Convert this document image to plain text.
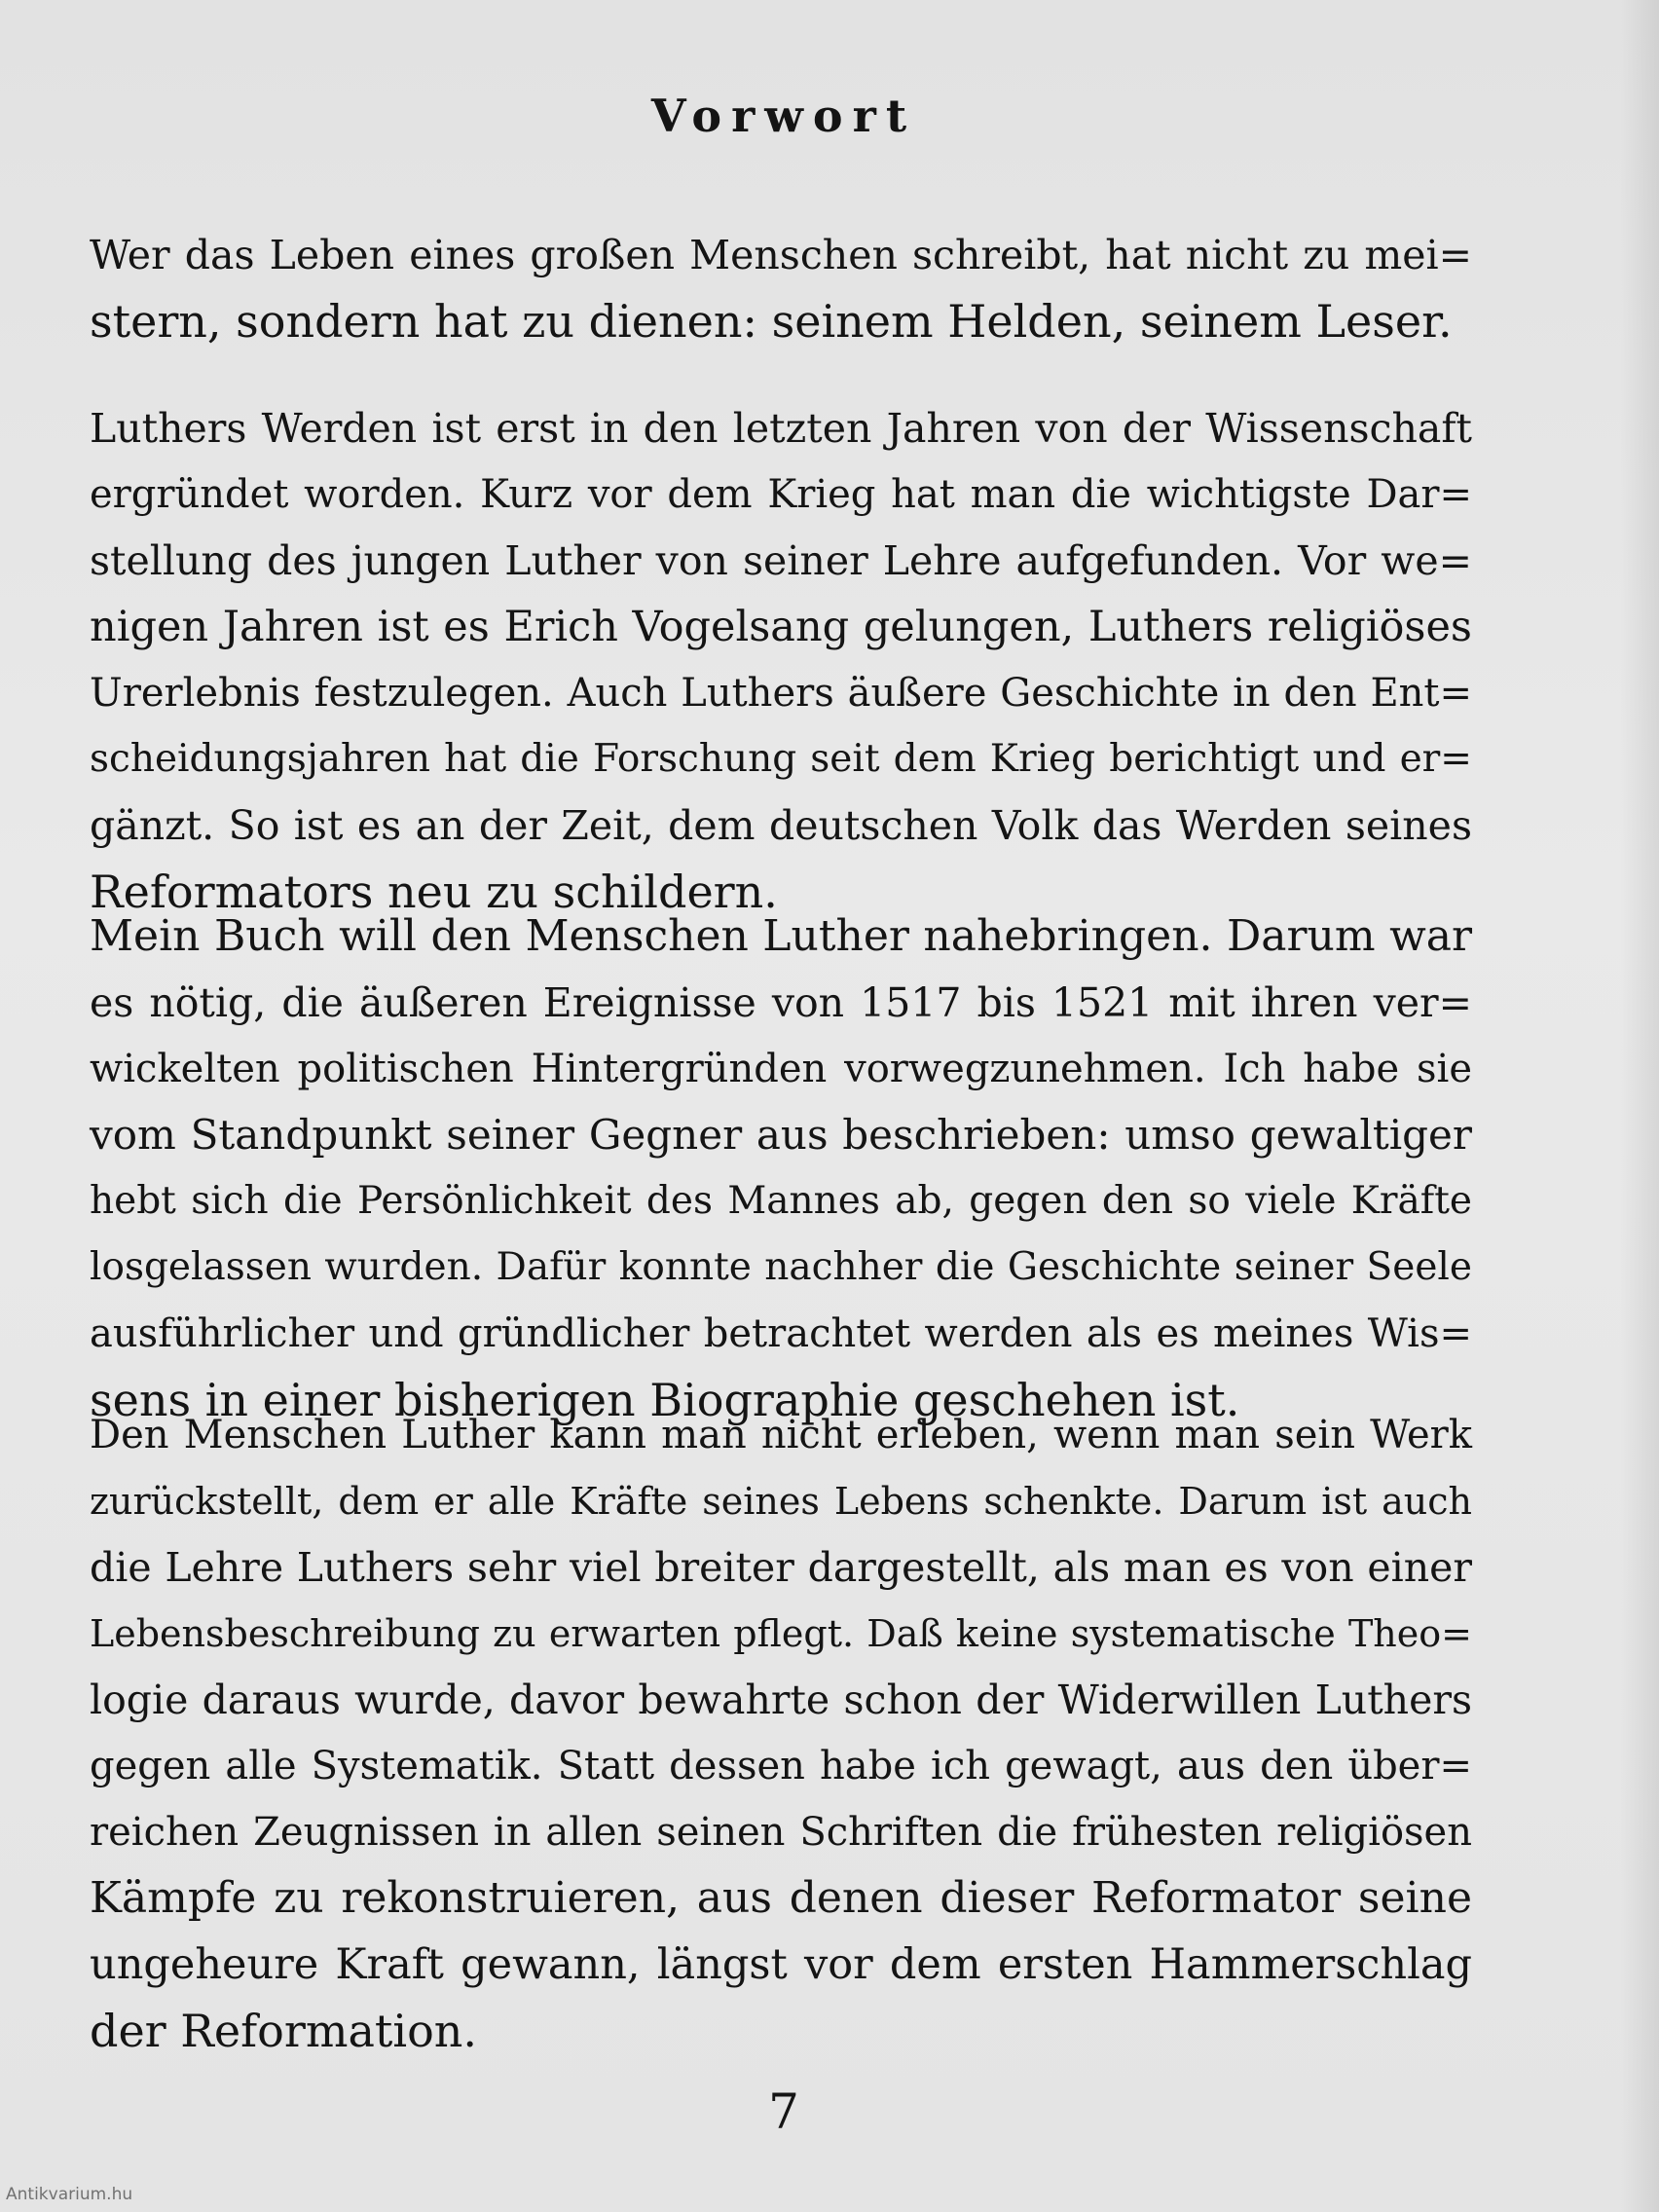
Vorwort
Wer das Leben eines großen Menschen schreibt, hat nicht zu mei=
stern, sondern hat zu dienen: seinem Helden, seinem Leser.
Luthers Werden ist erst in den letzten Jahren von der Wissenschaft
ergründet worden. Kurz vor dem Krieg hat man die wichtigste Dar=
stellung des jungen Luther von seiner Lehre aufgefunden. Vor we=
nigen Jahren ist es Erich Vogelsang gelungen, Luthers religiöses
Urerlebnis festzulegen. Auch Luthers äußere Geschichte in den Ent=
scheidungsjahren hat die Forschung seit dem Krieg berichtigt und er=
gänzt. So ist es an der Zeit, dem deutschen Volk das Werden seines
Reformators neu zu schildern.
Mein Buch will den Menschen Luther nahebringen. Darum war
es nötig, die äußeren Ereignisse von 1517 bis 1521 mit ihren ver=
wickelten politischen Hintergründen vorwegzunehmen. Ich habe sie
vom Standpunkt seiner Gegner aus beschrieben: umso gewaltiger
hebt sich die Persönlichkeit des Mannes ab, gegen den so viele Kräfte
losgelassen wurden. Dafür konnte nachher die Geschichte seiner Seele
ausführlicher und gründlicher betrachtet werden als es meines Wis=
sens in einer bisherigen Biographie geschehen ist.
Den Menschen Luther kann man nicht erleben, wenn man sein Werk
zurückstellt, dem er alle Kräfte seines Lebens schenkte. Darum ist auch
die Lehre Luthers sehr viel breiter dargestellt, als man es von einer
Lebensbeschreibung zu erwarten pflegt. Daß keine systematische Theo=
logie daraus wurde, davor bewahrte schon der Widerwillen Luthers
gegen alle Systematik. Statt dessen habe ich gewagt, aus den über=
reichen Zeugnissen in allen seinen Schriften die frühesten religiösen
Kämpfe zu rekonstruieren, aus denen dieser Reformator seine
ungeheure Kraft gewann, längst vor dem ersten Hammerschlag
der Reformation.
7
Antikvarium.hu
